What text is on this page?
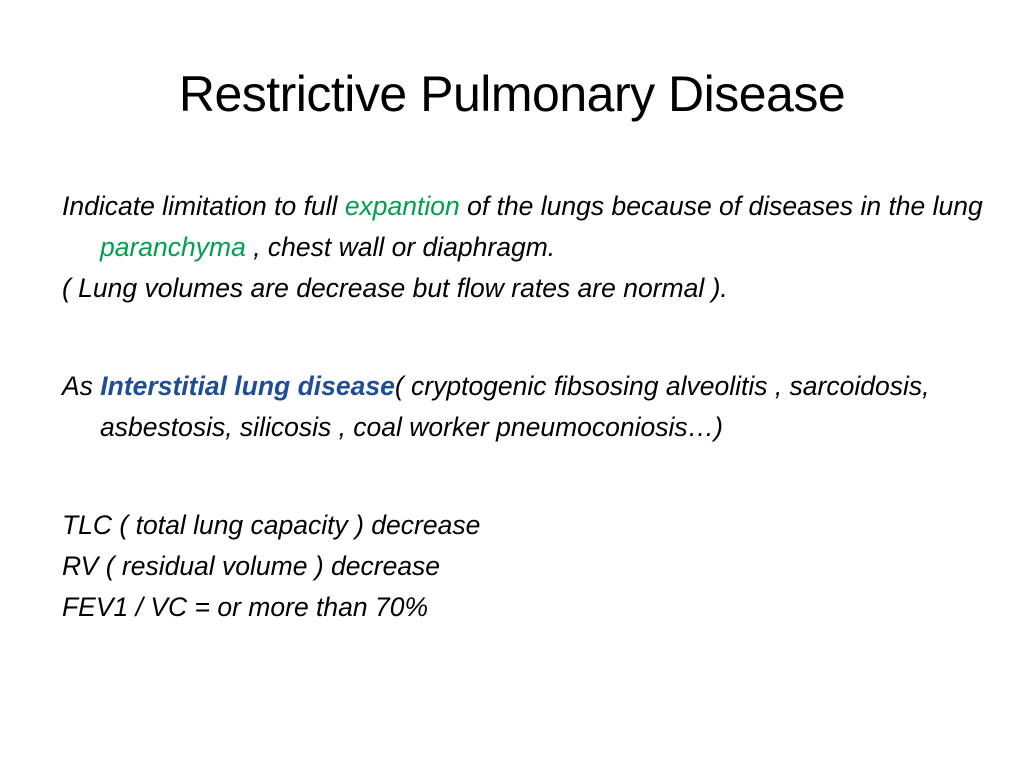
Restrictive Pulmonary Disease

Indicate limitation to full expantion of the lungs because of diseases in the lung paranchyma , chest wall or diaphragm.

( Lung volumes are decrease but flow rates are normal ).

As Interstitial lung disease( cryptogenic fibsosing alveolitis , sarcoidosis, asbestosis, silicosis , coal worker pneumoconiosis…)

TLC ( total lung capacity ) decrease

RV ( residual volume ) decrease

FEV1 / VC = or more than 70%
